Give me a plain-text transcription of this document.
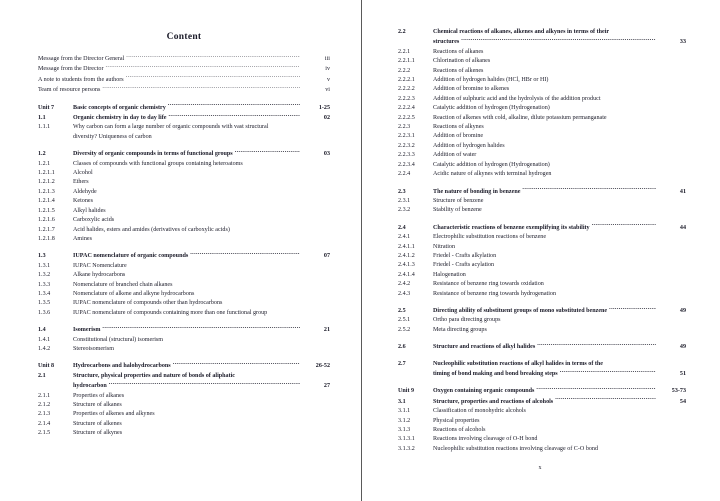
Content
Message from the Director General .....	iii
Message from the Director .....	iv
A note to students from the authors .....	v
Team of resource persons .....	vi
Unit 7	Basic concepts of organic chemistry .....	1-25
1.1	Organic chemistry in day to day life .....	02
1.1.1	Why carbon can form a large number of organic compounds with vast structural

diversity? Uniqueness of carbon
1.2	Diversity of organic compounds in terms of functional groups .....	03
1.2.1	Classes of compounds with functional groups containing heteroatoms
1.2.1.1	Alcohol
1.2.1.2	Ethers
1.2.1.3	Aldehyde
1.2.1.4	Ketones
1.2.1.5	Alkyl halides
1.2.1.6	Carboxylic acids
1.2.1.7	Acid halides, esters and amides (derivatives of carboxylic acids)
1.2.1.8	Amines
1.3	IUPAC nomenclature of organic compounds .....	07
1.3.1	IUPAC Nomenclature
1.3.2	Alkane hydrocarbons
1.3.3	Nomenclature of branched chain alkanes
1.3.4	Nomenclature of alkene and alkyne hydrocarbons
1.3.5	IUPAC nomenclature of compounds other than hydrocarbons
1.3.6	IUPAC nomenclature of compounds containing more than one functional group
1.4	Isomerism .....	21
1.4.1	Constitutional (structural) isomerism
1.4.2	Stereoisomerism
Unit 8	Hydrocarbons and halohydrocarbons .....	26-52
2.1	Structure, physical properties and nature of bonds of aliphatic

hydrocarbon .....	27
2.1.1	Properties of alkanes
2.1.2	Structure of alkanes
2.1.3	Properties of alkenes and alkynes
2.1.4	Structure of alkenes
2.1.5	Structure of alkynes
2.2	Chemical reactions of alkanes, alkenes and alkynes in terms of their

structures .....	33
2.2.1	Reactions of alkanes
2.2.1.1	Chlorination of alkanes
2.2.2	Reactions of alkenes
2.2.2.1	Addition of hydrogen halides (HCl, HBr or HI)
2.2.2.2	Addition of bromine to alkenes
2.2.2.3	Addition of sulphuric acid and the hydrolysis of the addition product
2.2.2.4	Catalytic addition of hydrogen (Hydrogenation)
2.2.2.5	Reaction of alkenes with cold, alkaline, dilute potassium permanganate
2.2.3	Reactions of alkynes
2.2.3.1	Addition of bromine
2.2.3.2	Addition of hydrogen halides
2.2.3.3	Addition of water
2.2.3.4	Catalytic addition of hydrogen (Hydrogenation)
2.2.4	Acidic nature of alkynes with terminal hydrogen
2.3	The nature of bonding in benzene .....	41
2.3.1	Structure of benzene
2.3.2	Stability of benzene
2.4	Characteristic reactions of benzene exemplifying its stability .....	44
2.4.1	Electrophilic substitution reactions of benzene
2.4.1.1	Nitration
2.4.1.2	Friedel - Crafts alkylation
2.4.1.3	Friedel - Crafts acylation
2.4.1.4	Halogenation
2.4.2	Resistance of benzene ring towards oxidation
2.4.3	Resistance of benzene ring towards hydrogenation
2.5	Directing ability of substituent groups of mono substituted benzene .....	49
2.5.1	Ortho para directing groups
2.5.2	Meta directing groups
2.6	Structure and reactions of alkyl halides .....	49
2.7	Nucleophilic substitution reactions of alkyl halides in terms of the

timing of bond making and bond breaking steps .....	51
Unit 9	Oxygen containing organic compounds .....	53-73
3.1	Structure, properties and reactions of alcohols .....	54
3.1.1	Classification of monohydric alcohols
3.1.2	Physical properties
3.1.3	Reactions of alcohols
3.1.3.1	Reactions involving cleavage of O-H bond
3.1.3.2	Nucleophilic substitution reactions involving cleavage of C-O bond
x
